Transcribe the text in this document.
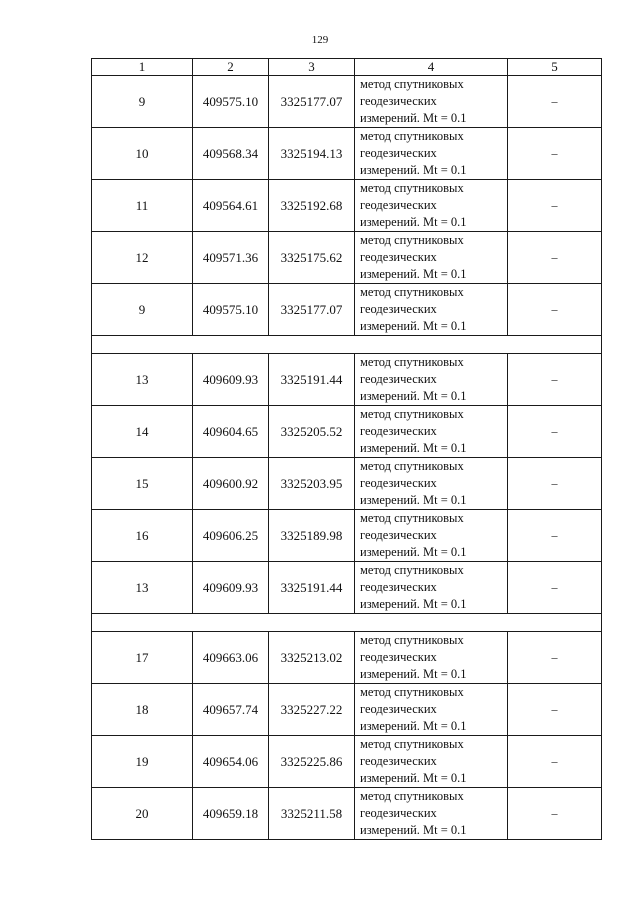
129
1	2	3	4	5
9	409575.10	3325177.07	метод спутниковых
геодезических
измерений. Mt = 0.1	–
10	409568.34	3325194.13	метод спутниковых
геодезических
измерений. Mt = 0.1	–
11	409564.61	3325192.68	метод спутниковых
геодезических
измерений. Mt = 0.1	–
12	409571.36	3325175.62	метод спутниковых
геодезических
измерений. Mt = 0.1	–
9	409575.10	3325177.07	метод спутниковых
геодезических
измерений. Mt = 0.1	–

13	409609.93	3325191.44	метод спутниковых
геодезических
измерений. Mt = 0.1	–
14	409604.65	3325205.52	метод спутниковых
геодезических
измерений. Mt = 0.1	–
15	409600.92	3325203.95	метод спутниковых
геодезических
измерений. Mt = 0.1	–
16	409606.25	3325189.98	метод спутниковых
геодезических
измерений. Mt = 0.1	–
13	409609.93	3325191.44	метод спутниковых
геодезических
измерений. Mt = 0.1	–

17	409663.06	3325213.02	метод спутниковых
геодезических
измерений. Mt = 0.1	–
18	409657.74	3325227.22	метод спутниковых
геодезических
измерений. Mt = 0.1	–
19	409654.06	3325225.86	метод спутниковых
геодезических
измерений. Mt = 0.1	–
20	409659.18	3325211.58	метод спутниковых
геодезических
измерений. Mt = 0.1	–
